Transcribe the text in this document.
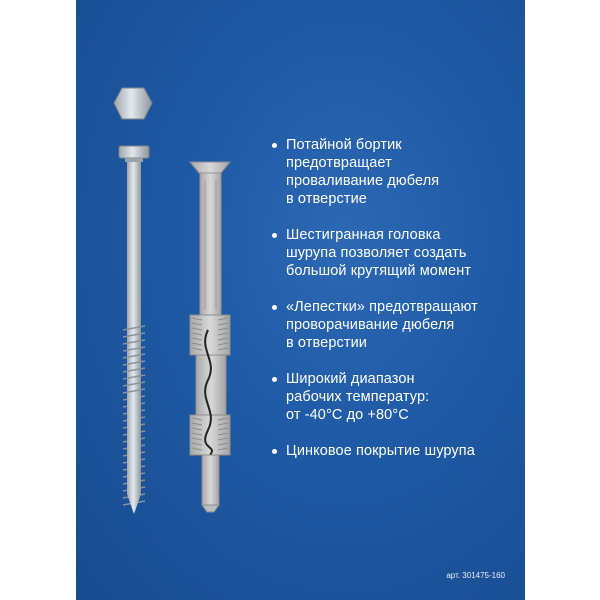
Потайной бортик
предотвращает
проваливание дюбеля
в отверстие
Шестигранная головка
шурупа позволяет создать
большой крутящий момент
«Лепестки» предотвращают
проворачивание дюбеля
в отверстии
Широкий диапазон
рабочих температур:
от -40°С до +80°С
Цинковое покрытие шурупа
арт. 301475-160
